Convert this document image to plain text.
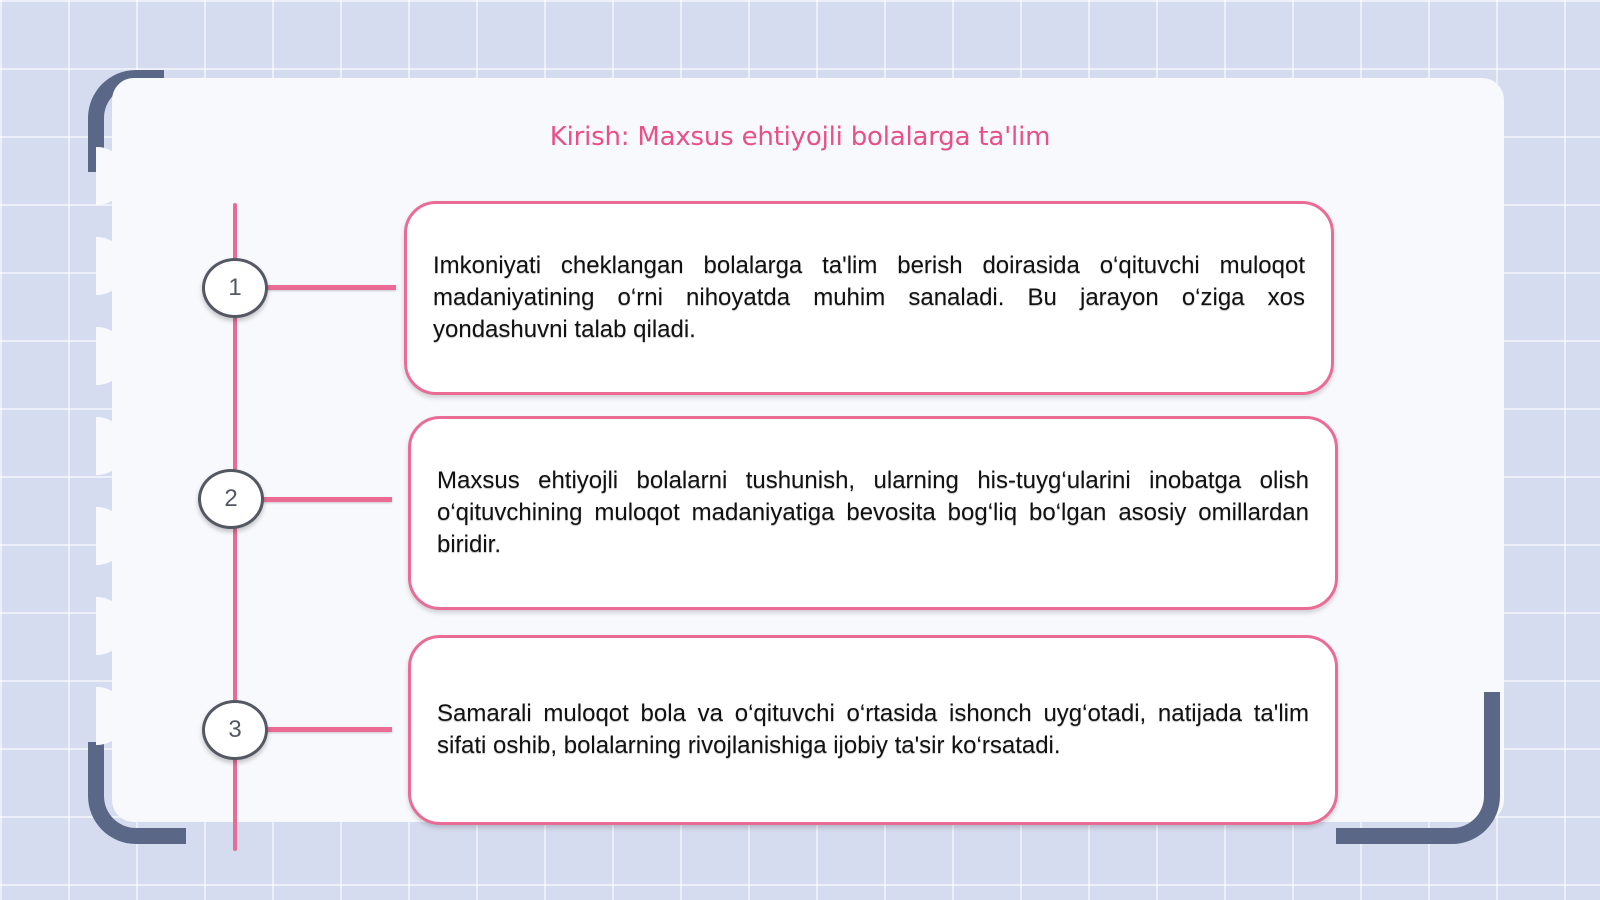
Kirish: Maxsus ehtiyojli bolalarga ta'lim
1

Imkoniyati cheklangan bolalarga ta'lim berish doirasida o‘qituvchi muloqot madaniyatining o‘rni nihoyatda muhim sanaladi. Bu jarayon o‘ziga xos yondashuvni talab qiladi.

2

Maxsus ehtiyojli bolalarni tushunish, ularning his-tuyg‘ularini inobatga olish o‘qituvchining muloqot madaniyatiga bevosita bog‘liq bo‘lgan asosiy omillardan biridir.

3

Samarali muloqot bola va o‘qituvchi o‘rtasida ishonch uyg‘otadi, natijada ta'lim sifati oshib, bolalarning rivojlanishiga ijobiy ta'sir ko‘rsatadi.
